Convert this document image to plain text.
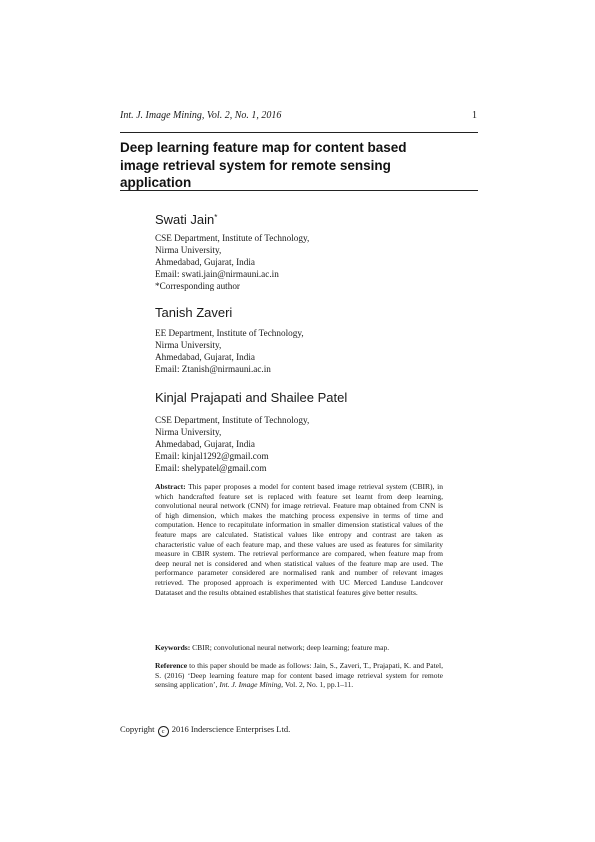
Int. J. Image Mining, Vol. 2, No. 1, 2016	1
Deep learning feature map for content based image retrieval system for remote sensing application
Swati Jain*
CSE Department, Institute of Technology,
Nirma University,
Ahmedabad, Gujarat, India
Email: swati.jain@nirmauni.ac.in
*Corresponding author
Tanish Zaveri
EE Department, Institute of Technology,
Nirma University,
Ahmedabad, Gujarat, India
Email: Ztanish@nirmauni.ac.in
Kinjal Prajapati and Shailee Patel
CSE Department, Institute of Technology,
Nirma University,
Ahmedabad, Gujarat, India
Email: kinjal1292@gmail.com
Email: shelypatel@gmail.com

Abstract: This paper proposes a model for content based image retrieval system (CBIR), in which handcrafted feature set is replaced with feature set learnt from deep learning, convolutional neural network (CNN) for image retrieval. Feature map obtained from CNN is of high dimension, which makes the matching process expensive in terms of time and computation. Hence to recapitulate information in smaller dimension statistical values of the feature maps are calculated. Statistical values like entropy and contrast are taken as characteristic value of each feature map, and these values are used as features for similarity measure in CBIR system. The retrieval performance are compared, when feature map from deep neural net is considered and when statistical values of the feature map are used. The performance parameter considered are normalised rank and number of relevant images retrieved. The proposed approach is experimented with UC Merced Landuse Landcover Datataset and the results obtained establishes that statistical features give better results.

Keywords: CBIR; convolutional neural network; deep learning; feature map.

Reference to this paper should be made as follows: Jain, S., Zaveri, T., Prajapati, K. and Patel, S. (2016) ‘Deep learning feature map for content based image retrieval system for remote sensing application’, Int. J. Image Mining, Vol. 2, No. 1, pp.1–11.

Copyright c 2016 Inderscience Enterprises Ltd.
